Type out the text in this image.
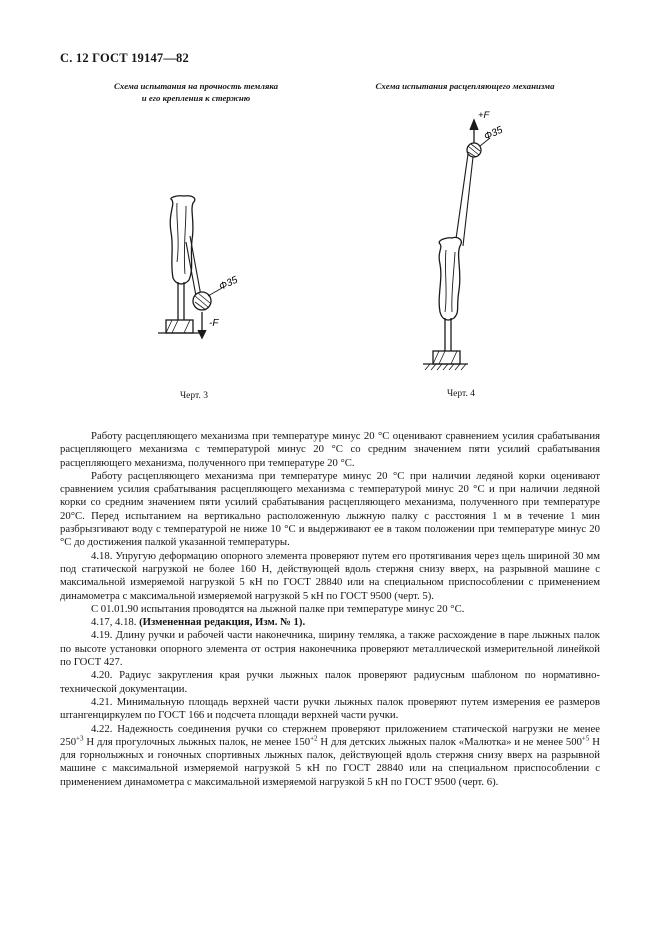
С. 12 ГОСТ 19147—82
Схема испытания на прочность темляка
и его крепления к стержню
Схема испытания расцепляющего механизма
Ф35
-F
+F
Ф35
Черт. 3	Черт. 4

Работу расцепляющего механизма при температуре минус 20 °С оценивают сравнением усилия срабатывания расцепляющего механизма с температурой минус 20 °С со средним значением пяти усилий срабатывания расцепляющего механизма, полученного при температуре 20 °С.

Работу расцепляющего механизма при температуре минус 20 °С при наличии ледяной корки оценивают сравнением усилия срабатывания расцепляющего механизма с температурой минус 20 °С и при наличии ледяной корки со средним значением пяти усилий срабатывания расцепляющего механизма, полученного при температуре 20°С. Перед испытанием на вертикально расположенную лыжную палку с расстояния 1 м в течение 1 мин разбрызгивают воду с температурой не ниже 10 °С и выдерживают ее в таком положении при температуре минус 20 °С до достижения палкой указанной температуры.

4.18. Упругую деформацию опорного элемента проверяют путем его протягивания через щель шириной 30 мм под статической нагрузкой не более 160 Н, действующей вдоль стержня снизу вверх, на разрывной машине с максимальной измеряемой нагрузкой 5 кН по ГОСТ 28840 или на специальном приспособлении с применением динамометра с максимальной измеряемой нагрузкой 5 кН по ГОСТ 9500 (черт. 5).

С 01.01.90 испытания проводятся на лыжной палке при температуре минус 20 °С.

4.17, 4.18. (Измененная редакция, Изм. № 1).

4.19. Длину ручки и рабочей части наконечника, ширину темляка, а также расхождение в паре лыжных палок по высоте установки опорного элемента от острия наконечника проверяют металлической измерительной линейкой по ГОСТ 427.

4.20. Радиус закругления края ручки лыжных палок проверяют радиусным шаблоном по нормативно-технической документации.

4.21. Минимальную площадь верхней части ручки лыжных палок проверяют путем измерения ее размеров штангенциркулем по ГОСТ 166 и подсчета площади верхней части ручки.

4.22. Надежность соединения ручки со стержнем проверяют приложением статической нагрузки не менее $250^{+3}$ Н для прогулочных лыжных палок, не менее $150^{+2}$ Н для детских лыжных палок «Малютка» и не менее $500^{+5}$ Н для горнолыжных и гоночных спортивных лыжных палок, действующей вдоль стержня снизу вверх на разрывной машине с максимальной измеряемой нагрузкой 5 кН по ГОСТ 28840 или на специальном приспособлении с применением динамометра с максимальной измеряемой нагрузкой 5 кН по ГОСТ 9500 (черт. 6).
